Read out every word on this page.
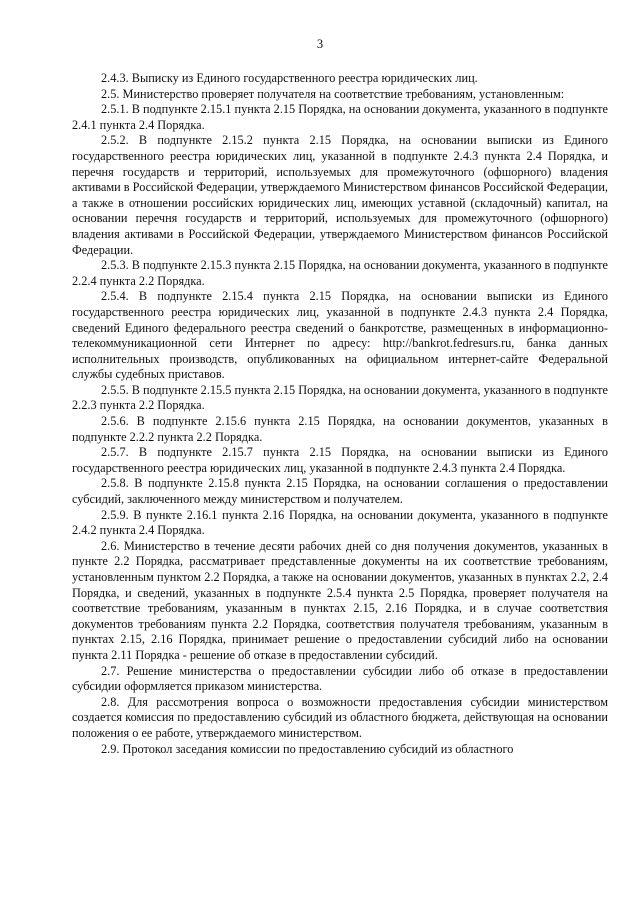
3

2.4.3. Выписку из Единого государственного реестра юридических лиц.

2.5. Министерство проверяет получателя на соответствие требованиям, установленным:

2.5.1. В подпункте 2.15.1 пункта 2.15 Порядка, на основании документа, указанного в подпункте 2.4.1 пункта 2.4 Порядка.

2.5.2. В подпункте 2.15.2 пункта 2.15 Порядка, на основании выписки из Единого государственного реестра юридических лиц, указанной в подпункте 2.4.3 пункта 2.4 Порядка, и перечня государств и территорий, используемых для промежуточного (офшорного) владения активами в Российской Федерации, утверждаемого Министерством финансов Российской Федерации, а также в отношении российских юридических лиц, имеющих уставной (складочный) капитал, на основании перечня государств и территорий, используемых для промежуточного (офшорного) владения активами в Российской Федерации, утверждаемого Министерством финансов Российской Федерации.

2.5.3. В подпункте 2.15.3 пункта 2.15 Порядка, на основании документа, указанного в подпункте 2.2.4 пункта 2.2 Порядка.

2.5.4. В подпункте 2.15.4 пункта 2.15 Порядка, на основании выписки из Единого государственного реестра юридических лиц, указанной в подпункте 2.4.3 пункта 2.4 Порядка, сведений Единого федерального реестра сведений о банкротстве, размещенных в информационно-телекоммуникационной сети Интернет по адресу: http://bankrot.fedresurs.ru, банка данных исполнительных производств, опубликованных на официальном интернет-сайте Федеральной службы судебных приставов.

2.5.5. В подпункте 2.15.5 пункта 2.15 Порядка, на основании документа, указанного в подпункте 2.2.3 пункта 2.2 Порядка.

2.5.6. В подпункте 2.15.6 пункта 2.15 Порядка, на основании документов, указанных в подпункте 2.2.2 пункта 2.2 Порядка.

2.5.7. В подпункте 2.15.7 пункта 2.15 Порядка, на основании выписки из Единого государственного реестра юридических лиц, указанной в подпункте 2.4.3 пункта 2.4 Порядка.

2.5.8. В подпункте 2.15.8 пункта 2.15 Порядка, на основании соглашения о предоставлении субсидий, заключенного между министерством и получателем.

2.5.9. В пункте 2.16.1 пункта 2.16 Порядка, на основании документа, указанного в подпункте 2.4.2 пункта 2.4 Порядка.

2.6. Министерство в течение десяти рабочих дней со дня получения документов, указанных в пункте 2.2 Порядка, рассматривает представленные документы на их соответствие требованиям, установленным пунктом 2.2 Порядка, а также на основании документов, указанных в пунктах 2.2, 2.4 Порядка, и сведений, указанных в подпункте 2.5.4 пункта 2.5 Порядка, проверяет получателя на соответствие требованиям, указанным в пунктах 2.15, 2.16 Порядка, и в случае соответствия документов требованиям пункта 2.2 Порядка, соответствия получателя требованиям, указанным в пунктах 2.15, 2.16 Порядка, принимает решение о предоставлении субсидий либо на основании пункта 2.11 Порядка - решение об отказе в предоставлении субсидий.

2.7. Решение министерства о предоставлении субсидии либо об отказе в предоставлении субсидии оформляется приказом министерства.

2.8. Для рассмотрения вопроса о возможности предоставления субсидии министерством создается комиссия по предоставлению субсидий из областного бюджета, действующая на основании положения о ее работе, утверждаемого министерством.

2.9. Протокол заседания комиссии по предоставлению субсидий из областного
